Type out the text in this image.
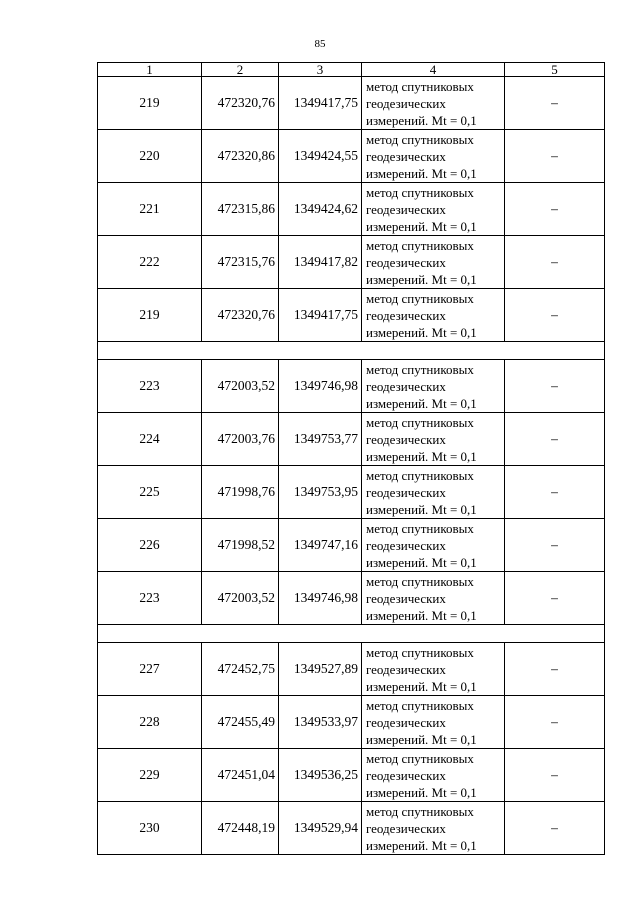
85
1	2	3	4	5
219	472320,76	1349417,75	метод спутниковых
геодезических
измерений. Mt = 0,1	–
220	472320,86	1349424,55	метод спутниковых
геодезических
измерений. Mt = 0,1	–
221	472315,86	1349424,62	метод спутниковых
геодезических
измерений. Mt = 0,1	–
222	472315,76	1349417,82	метод спутниковых
геодезических
измерений. Mt = 0,1	–
219	472320,76	1349417,75	метод спутниковых
геодезических
измерений. Mt = 0,1	–

223	472003,52	1349746,98	метод спутниковых
геодезических
измерений. Mt = 0,1	–
224	472003,76	1349753,77	метод спутниковых
геодезических
измерений. Mt = 0,1	–
225	471998,76	1349753,95	метод спутниковых
геодезических
измерений. Mt = 0,1	–
226	471998,52	1349747,16	метод спутниковых
геодезических
измерений. Mt = 0,1	–
223	472003,52	1349746,98	метод спутниковых
геодезических
измерений. Mt = 0,1	–

227	472452,75	1349527,89	метод спутниковых
геодезических
измерений. Mt = 0,1	–
228	472455,49	1349533,97	метод спутниковых
геодезических
измерений. Mt = 0,1	–
229	472451,04	1349536,25	метод спутниковых
геодезических
измерений. Mt = 0,1	–
230	472448,19	1349529,94	метод спутниковых
геодезических
измерений. Mt = 0,1	–
